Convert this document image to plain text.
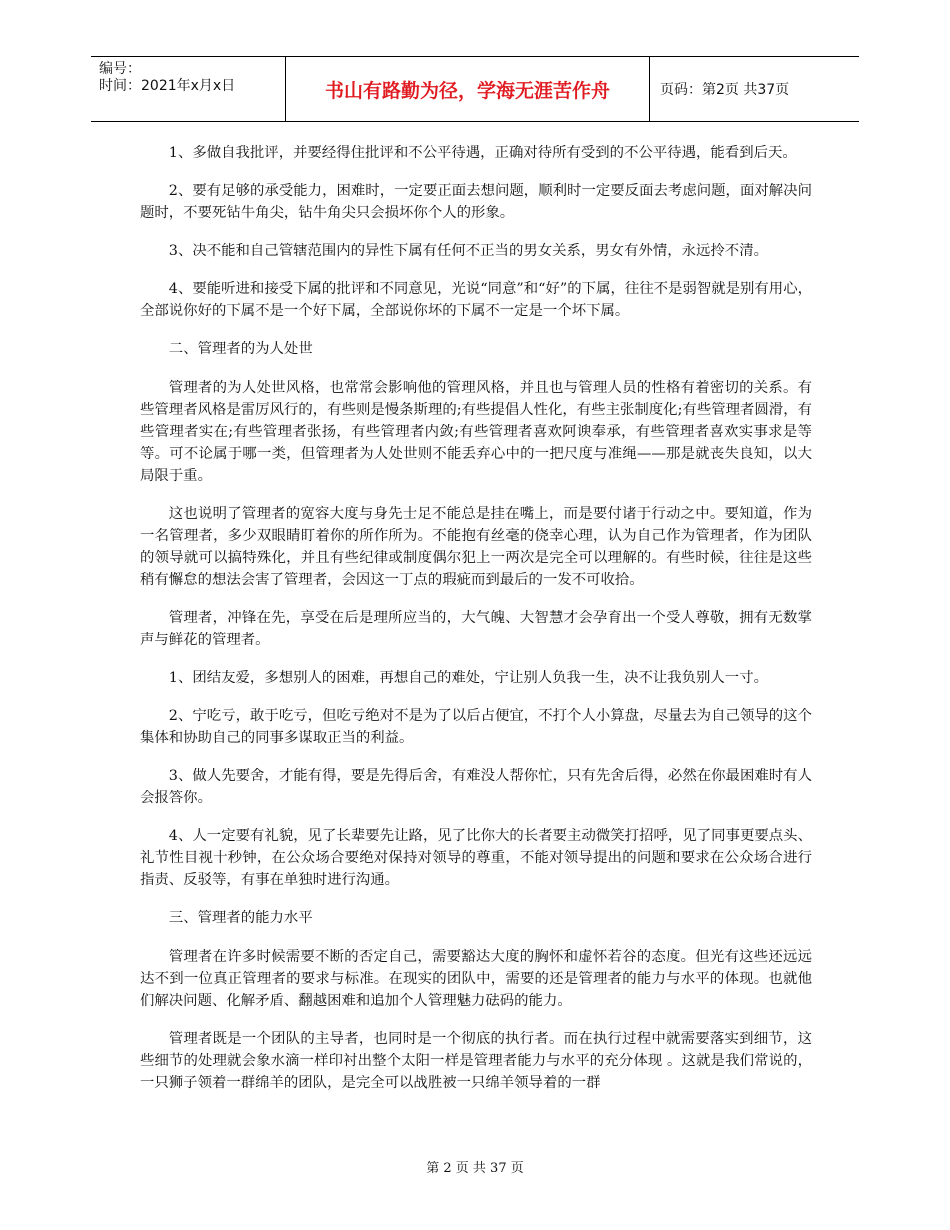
编号：
时间：2021年x月x日	书山有路勤为径，学海无涯苦作舟	页码：第2页 共37页

1、多做自我批评，并要经得住批评和不公平待遇，正确对待所有受到的不公平待遇，能看到后天。

2、要有足够的承受能力，困难时，一定要正面去想问题，顺利时一定要反面去考虑问题，面对解决问题时，不要死钻牛角尖，钻牛角尖只会损坏你个人的形象。

3、决不能和自己管辖范围内的异性下属有任何不正当的男女关系，男女有外情，永远拎不清。

4、要能听进和接受下属的批评和不同意见，光说“同意”和“好”的下属，往往不是弱智就是别有用心，全部说你好的下属不是一个好下属，全部说你坏的下属不一定是一个坏下属。

二、管理者的为人处世

管理者的为人处世风格，也常常会影响他的管理风格，并且也与管理人员的性格有着密切的关系。有些管理者风格是雷厉风行的，有些则是慢条斯理的;有些提倡人性化，有些主张制度化;有些管理者圆滑，有些管理者实在;有些管理者张扬，有些管理者内敛;有些管理者喜欢阿谀奉承，有些管理者喜欢实事求是等等。可不论属于哪一类，但管理者为人处世则不能丢弃心中的一把尺度与准绳——那是就丧失良知，以大局限于重。

这也说明了管理者的宽容大度与身先士足不能总是挂在嘴上，而是要付诸于行动之中。要知道，作为一名管理者，多少双眼睛盯着你的所作所为。不能抱有丝毫的侥幸心理，认为自己作为管理者，作为团队的领导就可以搞特殊化，并且有些纪律或制度偶尔犯上一两次是完全可以理解的。有些时候，往往是这些稍有懈怠的想法会害了管理者，会因这一丁点的瑕疵而到最后的一发不可收拾。

管理者，冲锋在先，享受在后是理所应当的，大气魄、大智慧才会孕育出一个受人尊敬，拥有无数掌声与鲜花的管理者。

1、团结友爱，多想别人的困难，再想自己的难处，宁让别人负我一生，决不让我负别人一寸。

2、宁吃亏，敢于吃亏，但吃亏绝对不是为了以后占便宜，不打个人小算盘，尽量去为自己领导的这个集体和协助自己的同事多谋取正当的利益。

3、做人先要舍，才能有得，要是先得后舍，有难没人帮你忙，只有先舍后得，必然在你最困难时有人会报答你。

4、人一定要有礼貌，见了长辈要先让路，见了比你大的长者要主动微笑打招呼，见了同事更要点头、礼节性目视十秒钟，在公众场合要绝对保持对领导的尊重，不能对领导提出的问题和要求在公众场合进行指责、反驳等，有事在单独时进行沟通。

三、管理者的能力水平

管理者在许多时候需要不断的否定自己，需要豁达大度的胸怀和虚怀若谷的态度。但光有这些还远远达不到一位真正管理者的要求与标准。在现实的团队中，需要的还是管理者的能力与水平的体现。也就他们解决问题、化解矛盾、翻越困难和追加个人管理魅力砝码的能力。

管理者既是一个团队的主导者，也同时是一个彻底的执行者。而在执行过程中就需要落实到细节，这些细节的处理就会象水滴一样印衬出整个太阳一样是管理者能力与水平的充分体现 。这就是我们常说的，一只狮子领着一群绵羊的团队，是完全可以战胜被一只绵羊领导着的一群

第 2 页 共 37 页
